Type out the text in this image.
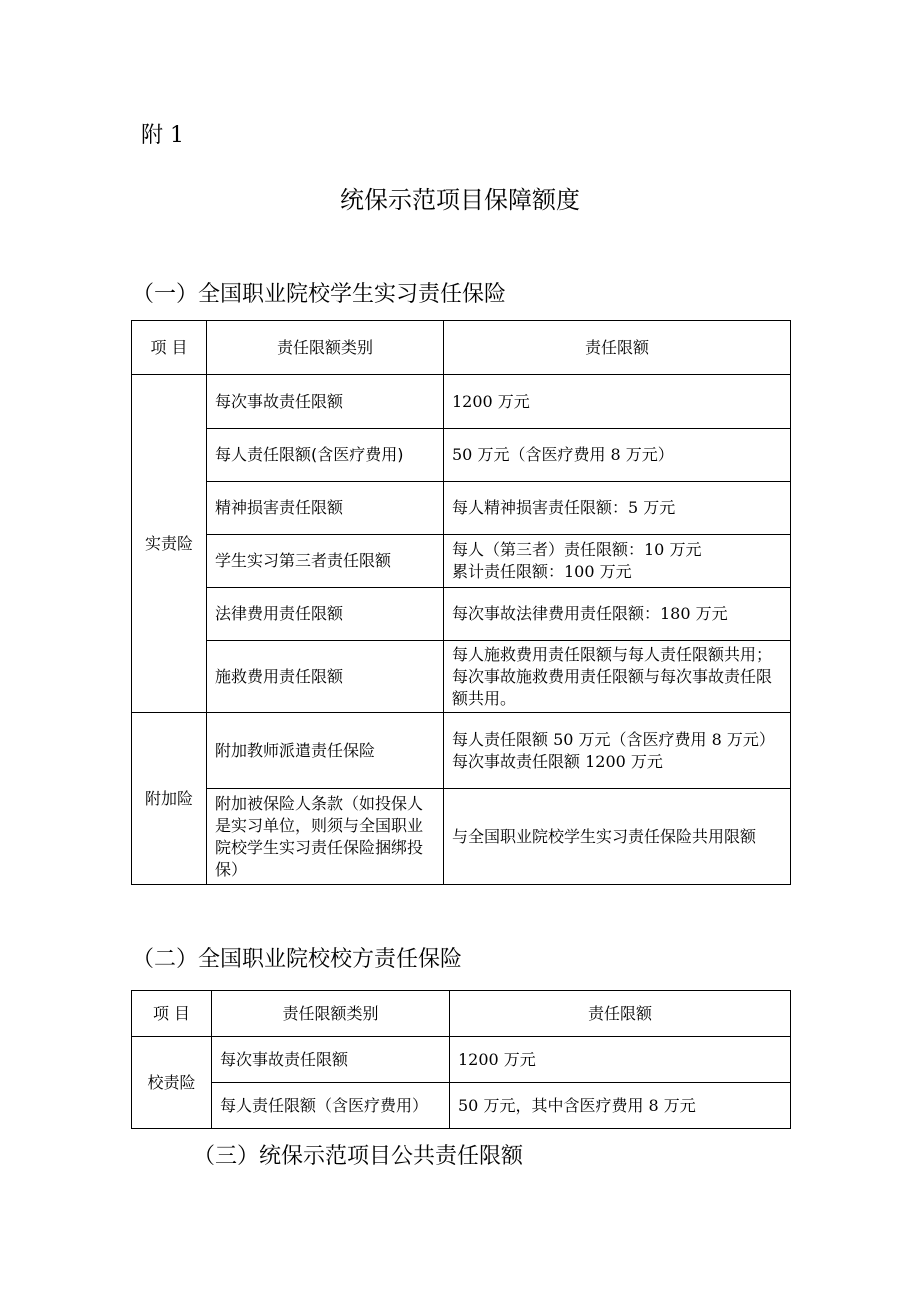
附 1
统保示范项目保障额度
（一）全国职业院校学生实习责任保险
项 目	责任限额类别	责任限额
实责险	每次事故责任限额	1200 万元
	每人责任限额(含医疗费用)	50 万元（含医疗费用 8 万元）
	精神损害责任限额	每人精神损害责任限额：5 万元
	学生实习第三者责任限额	每人（第三者）责任限额：10 万元
累计责任限额：100 万元

	法律费用责任限额	每次事故法律费用责任限额：180 万元
	施救费用责任限额	每人施救费用责任限额与每人责任限额共用；每次事故施救费用责任限额与每次事故责任限额共用。
附加险	附加教师派遣责任保险	每人责任限额 50 万元（含医疗费用 8 万元）
每次事故责任限额 1200 万元

	附加被保险人条款（如投保人是实习单位，则须与全国职业院校学生实习责任保险捆绑投保）	与全国职业院校学生实习责任保险共用限额
（二）全国职业院校校方责任保险
项 目	责任限额类别	责任限额
校责险	每次事故责任限额	1200 万元
	每人责任限额（含医疗费用）	50 万元，其中含医疗费用 8 万元
（三）统保示范项目公共责任限额
